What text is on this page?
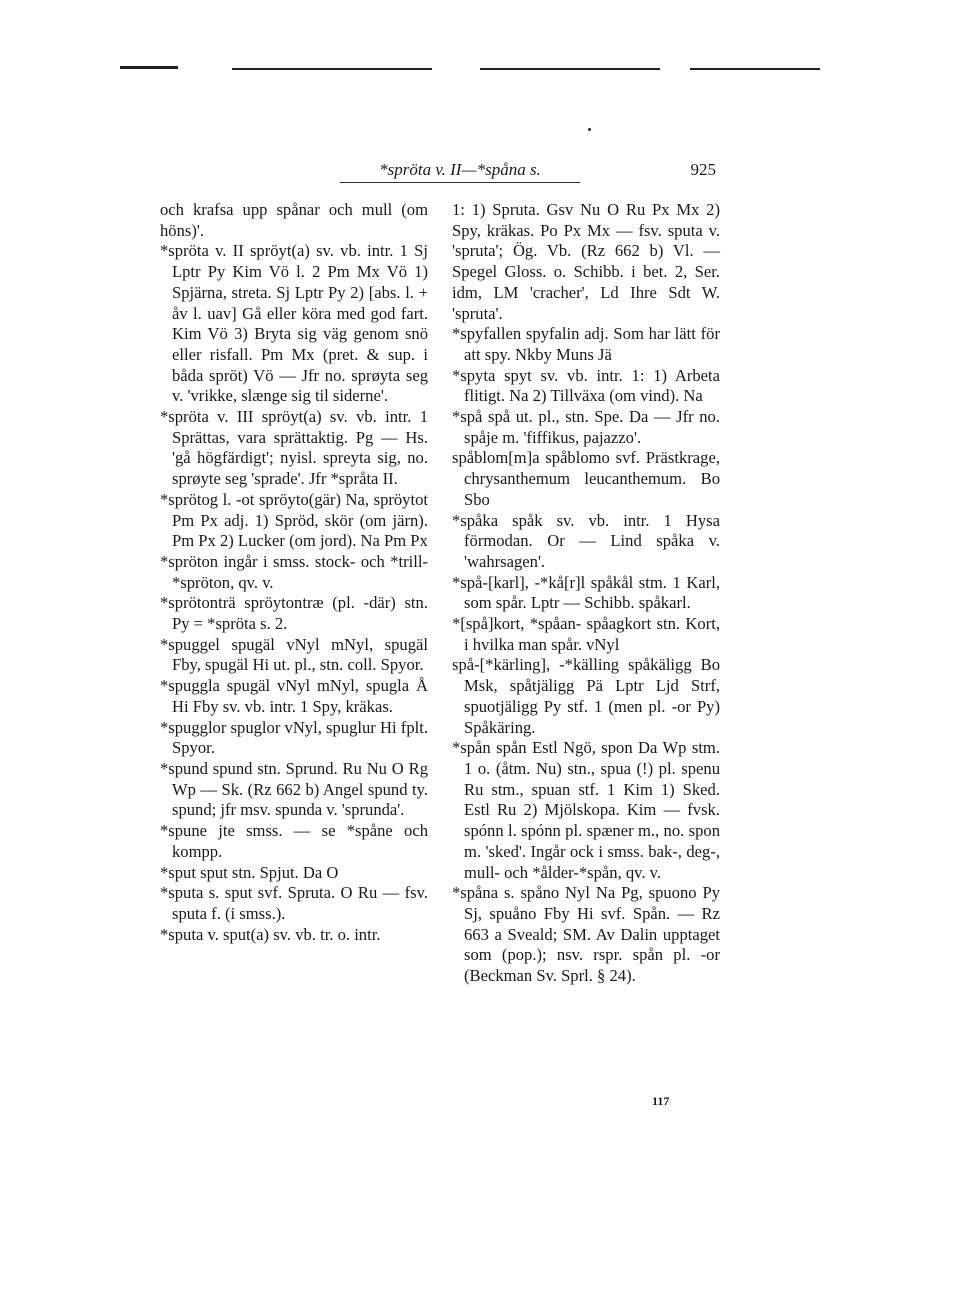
*spröta v. II—*spåna s.	925
och krafsa upp spånar och mull (om höns)'.
*spröta v. II spröyt(a) sv. vb. intr. 1 Sj Lptr Py Kim Vö l. 2 Pm Mx Vö 1) Spjärna, streta. Sj Lptr Py 2) [abs. l. + åv l. uav] Gå eller köra med god fart. Kim Vö 3) Bryta sig väg genom snö eller risfall. Pm Mx (pret. & sup. i båda spröt) Vö — Jfr no. sprøyta seg v. 'vrikke, slænge sig til siderne'.
*spröta v. III spröyt(a) sv. vb. intr. 1 Sprättas, vara sprättaktig. Pg — Hs. 'gå högfärdigt'; nyisl. spreyta sig, no. sprøyte seg 'sprade'. Jfr *språta II.
*sprötog l. -ot spröyto(gär) Na, spröytot Pm Px adj. 1) Spröd, skör (om järn). Pm Px 2) Lucker (om jord). Na Pm Px
*spröton ingår i smss. stock- och *trill-*spröton, qv. v.
*sprötonträ spröytontræ (pl. -där) stn. Py = *spröta s. 2.
*spuggel spugäl vNyl mNyl, spugäl Fby, spugäl Hi ut. pl., stn. coll. Spyor.
*spuggla spugäl vNyl mNyl, spugla Å Hi Fby sv. vb. intr. 1 Spy, kräkas.
*spugglor spuglor vNyl, spuglur Hi fplt. Spyor.
*spund spund stn. Sprund. Ru Nu O Rg Wp — Sk. (Rz 662 b) Angel spund ty. spund; jfr msv. spunda v. 'sprunda'.
*spune jte smss. — se *spåne och kompp.
*sput sput stn. Spjut. Da O
*sputa s. sput svf. Spruta. O Ru — fsv. sputa f. (i smss.).
*sputa v. sput(a) sv. vb. tr. o. intr.
1: 1) Spruta. Gsv Nu O Ru Px Mx 2) Spy, kräkas. Po Px Mx — fsv. sputa v. 'spruta'; Ög. Vb. (Rz 662 b) Vl. — Spegel Gloss. o. Schibb. i bet. 2, Ser. idm, LM 'cracher', Ld Ihre Sdt W. 'spruta'.
*spyfallen spyfalin adj. Som har lätt för att spy. Nkby Muns Jä
*spyta spyt sv. vb. intr. 1: 1) Arbeta flitigt. Na 2) Tillväxa (om vind). Na
*spå spå ut. pl., stn. Spe. Da — Jfr no. spåje m. 'fiffikus, pajazzo'.
spåblom[m]a spåblomo svf. Prästkrage, chrysanthemum leucanthemum. Bo Sbo
*spåka spåk sv. vb. intr. 1 Hysa förmodan. Or — Lind spåka v. 'wahrsagen'.
*spå-[karl], -*kå[r]l spåkål stm. 1 Karl, som spår. Lptr — Schibb. spåkarl.
*[spå]kort, *spåan- spåagkort stn. Kort, i hvilka man spår. vNyl
spå-[*kärling], -*källing spåkäligg Bo Msk, spåtjäligg Pä Lptr Ljd Strf, spuotjäligg Py stf. 1 (men pl. -or Py) Spåkäring.
*spån spån Estl Ngö, spon Da Wp stm. 1 o. (åtm. Nu) stn., spua (!) pl. spenu Ru stm., spuan stf. 1 Kim 1) Sked. Estl Ru 2) Mjölskopa. Kim — fvsk. spónn l. spónn pl. spæner m., no. spon m. 'sked'. Ingår ock i smss. bak-, deg-, mull- och *ålder-*spån, qv. v.
*spåna s. spåno Nyl Na Pg, spuono Py Sj, spuåno Fby Hi svf. Spån. — Rz 663 a Sveald; SM. Av Dalin upptaget som (pop.); nsv. rspr. spån pl. -or (Beckman Sv. Sprl. § 24).
117
